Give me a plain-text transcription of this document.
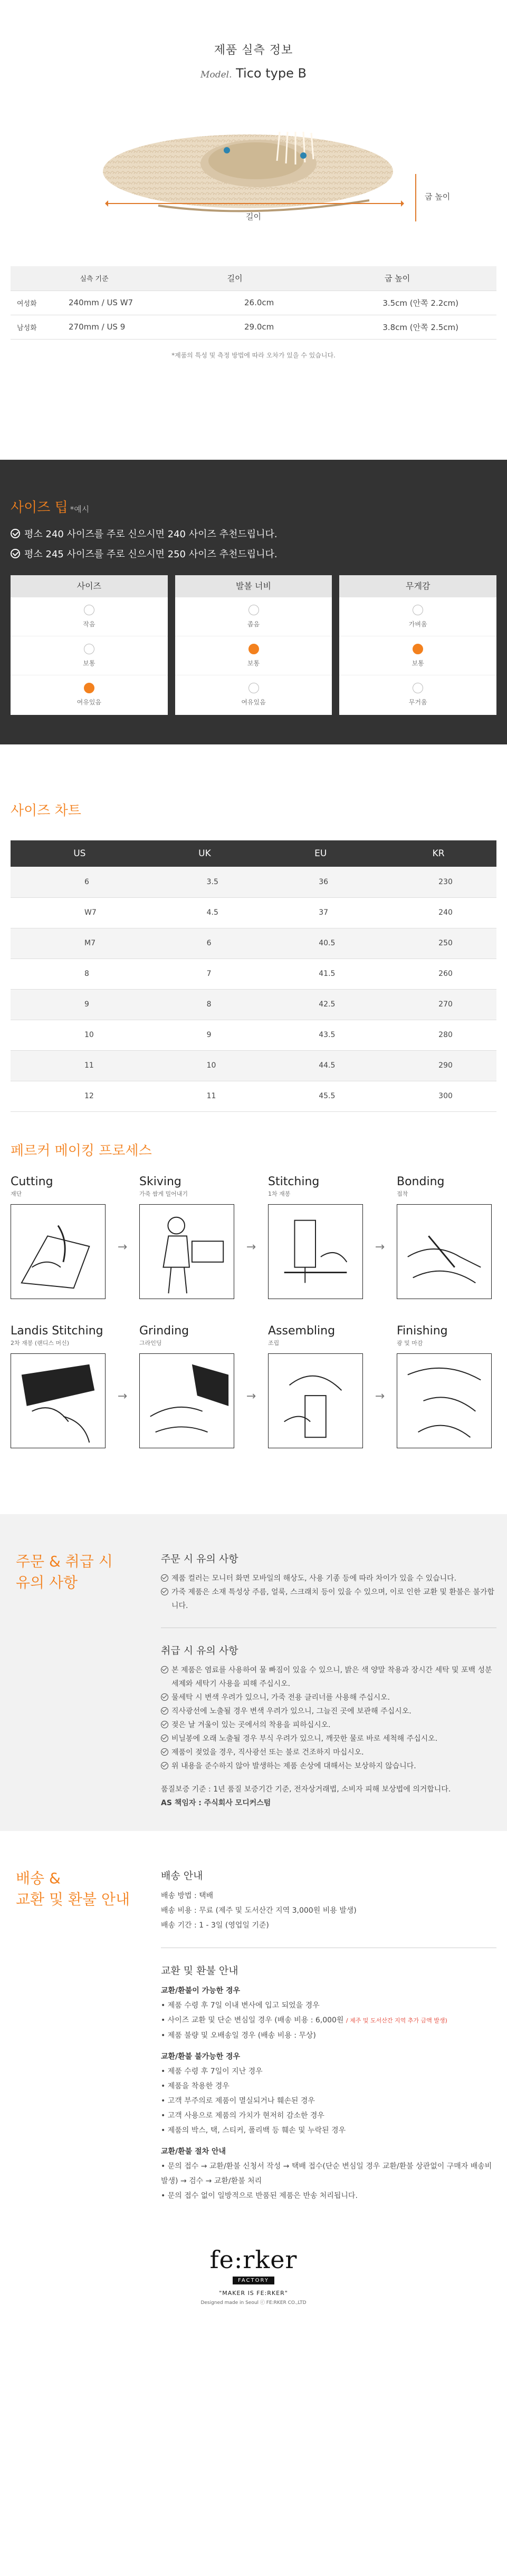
제품 실측 정보
Model. Tico type B
길이
굽 높이
실측 기준		길이	굽 높이
여성화	240mm / US W7	26.0cm	3.5cm (안쪽 2.2cm)
남성화	270mm / US 9	29.0cm	3.8cm (안쪽 2.5cm)
*제품의 특성 및 측정 방법에 따라 오차가 있을 수 있습니다.
사이즈 팁 *예시
평소 240 사이즈를 주로 신으시면 240 사이즈 추천드립니다.
평소 245 사이즈를 주로 신으시면 250 사이즈 추천드립니다.
사이즈
작음
보통
여유있음
발볼 너비
좁음
보통
여유있음
무게감
가벼움
보통
무거움
사이즈 차트
US	UK	EU	KR
6	3.5	36	230
W7	4.5	37	240
M7	6	40.5	250
8	7	41.5	260
9	8	42.5	270
10	9	43.5	280
11	10	44.5	290
12	11	45.5	300
페르커 메이킹 프로세스
Cutting
재단
→
Skiving
가죽 쌈게 밀어내기
→
Stitching
1차 재봉
→
Bonding
접착
Landis Stitching
2차 재봉 (랜디스 머신)
→
Grinding
그라인딩
→
Assembling
조립
→
Finishing
광 및 마감
주문 & 취급 시
유의 사항
주문 시 유의 사항
제품 컬러는 모니터 화면 모바일의 해상도, 사용 기종 등에 따라 차이가 있을 수 있습니다.
가죽 제품은 소재 특성상 주름, 얼룩, 스크래치 등이 있을 수 있으며, 이로 인한 교환 및 환불은 불가합니다.
취급 시 유의 사항
본 제품은 염료를 사용하여 물 빠짐이 있을 수 있으니, 밝은 색 양말 착용과 장시간 세탁 및 포백 성분 세제와 세탁기 사용을 피해 주십시오.
물세탁 시 변색 우려가 있으니, 가죽 전용 클리너를 사용해 주십시오.
직사광선에 노출될 경우 변색 우려가 있으니, 그늘진 곳에 보관해 주십시오.
젖은 날 겨울이 있는 곳에서의 착용을 피하십시오.
비닐봉에 오래 노출될 경우 부식 우려가 있으니, 깨끗한 물로 바로 세척해 주십시오.
제품이 젖었을 경우, 직사광선 또는 불로 건조하지 마십시오.
위 내용을 준수하지 않아 발생하는 제품 손상에 대해서는 보상하지 않습니다.
품질보증 기준 : 1년 품질 보증기간 기준, 전자상거래법, 소비자 피해 보상법에 의거합니다.
AS 책임자 : 주식회사 모디커스텀
배송 &
교환 및 환불 안내
배송 안내
배송 방법 : 택배
배송 비용 : 무료 (제주 및 도서산간 지역 3,000원 비용 발생)
배송 기간 : 1 - 3일 (영업일 기준)
교환 및 환불 안내
교환/환불이 가능한 경우
• 제품 수령 후 7일 이내 변사에 입고 되었을 경우
• 사이즈 교환 및 단순 변심일 경우 (배송 비용 : 6,000원 / 제주 및 도서산간 지역 추가 금액 발생)
• 제품 불량 및 오배송일 경우 (배송 비용 : 무상)
교환/환불 불가능한 경우
• 제품 수령 후 7일이 지난 경우
• 제품을 착용한 경우
• 고객 부주의로 제품이 멸실되거나 훼손된 경우
• 고객 사용으로 제품의 가치가 현저히 감소한 경우
• 제품의 박스, 택, 스티커, 폴리백 등 훼손 및 누락된 경우
교환/환불 절차 안내
• 문의 접수 → 교환/환불 신청서 작성 → 택배 접수(단순 변심일 경우 교환/환불 상관없이 구매자 배송비 발생) → 검수 → 교환/환불 처리
• 문의 접수 없이 일방적으로 반품된 제품은 반송 처리됩니다.
fe:rker
FACTORY
"MAKER IS FE:RKER"
Designed made in Seoul ⓒ FE:RKER CO.,LTD
